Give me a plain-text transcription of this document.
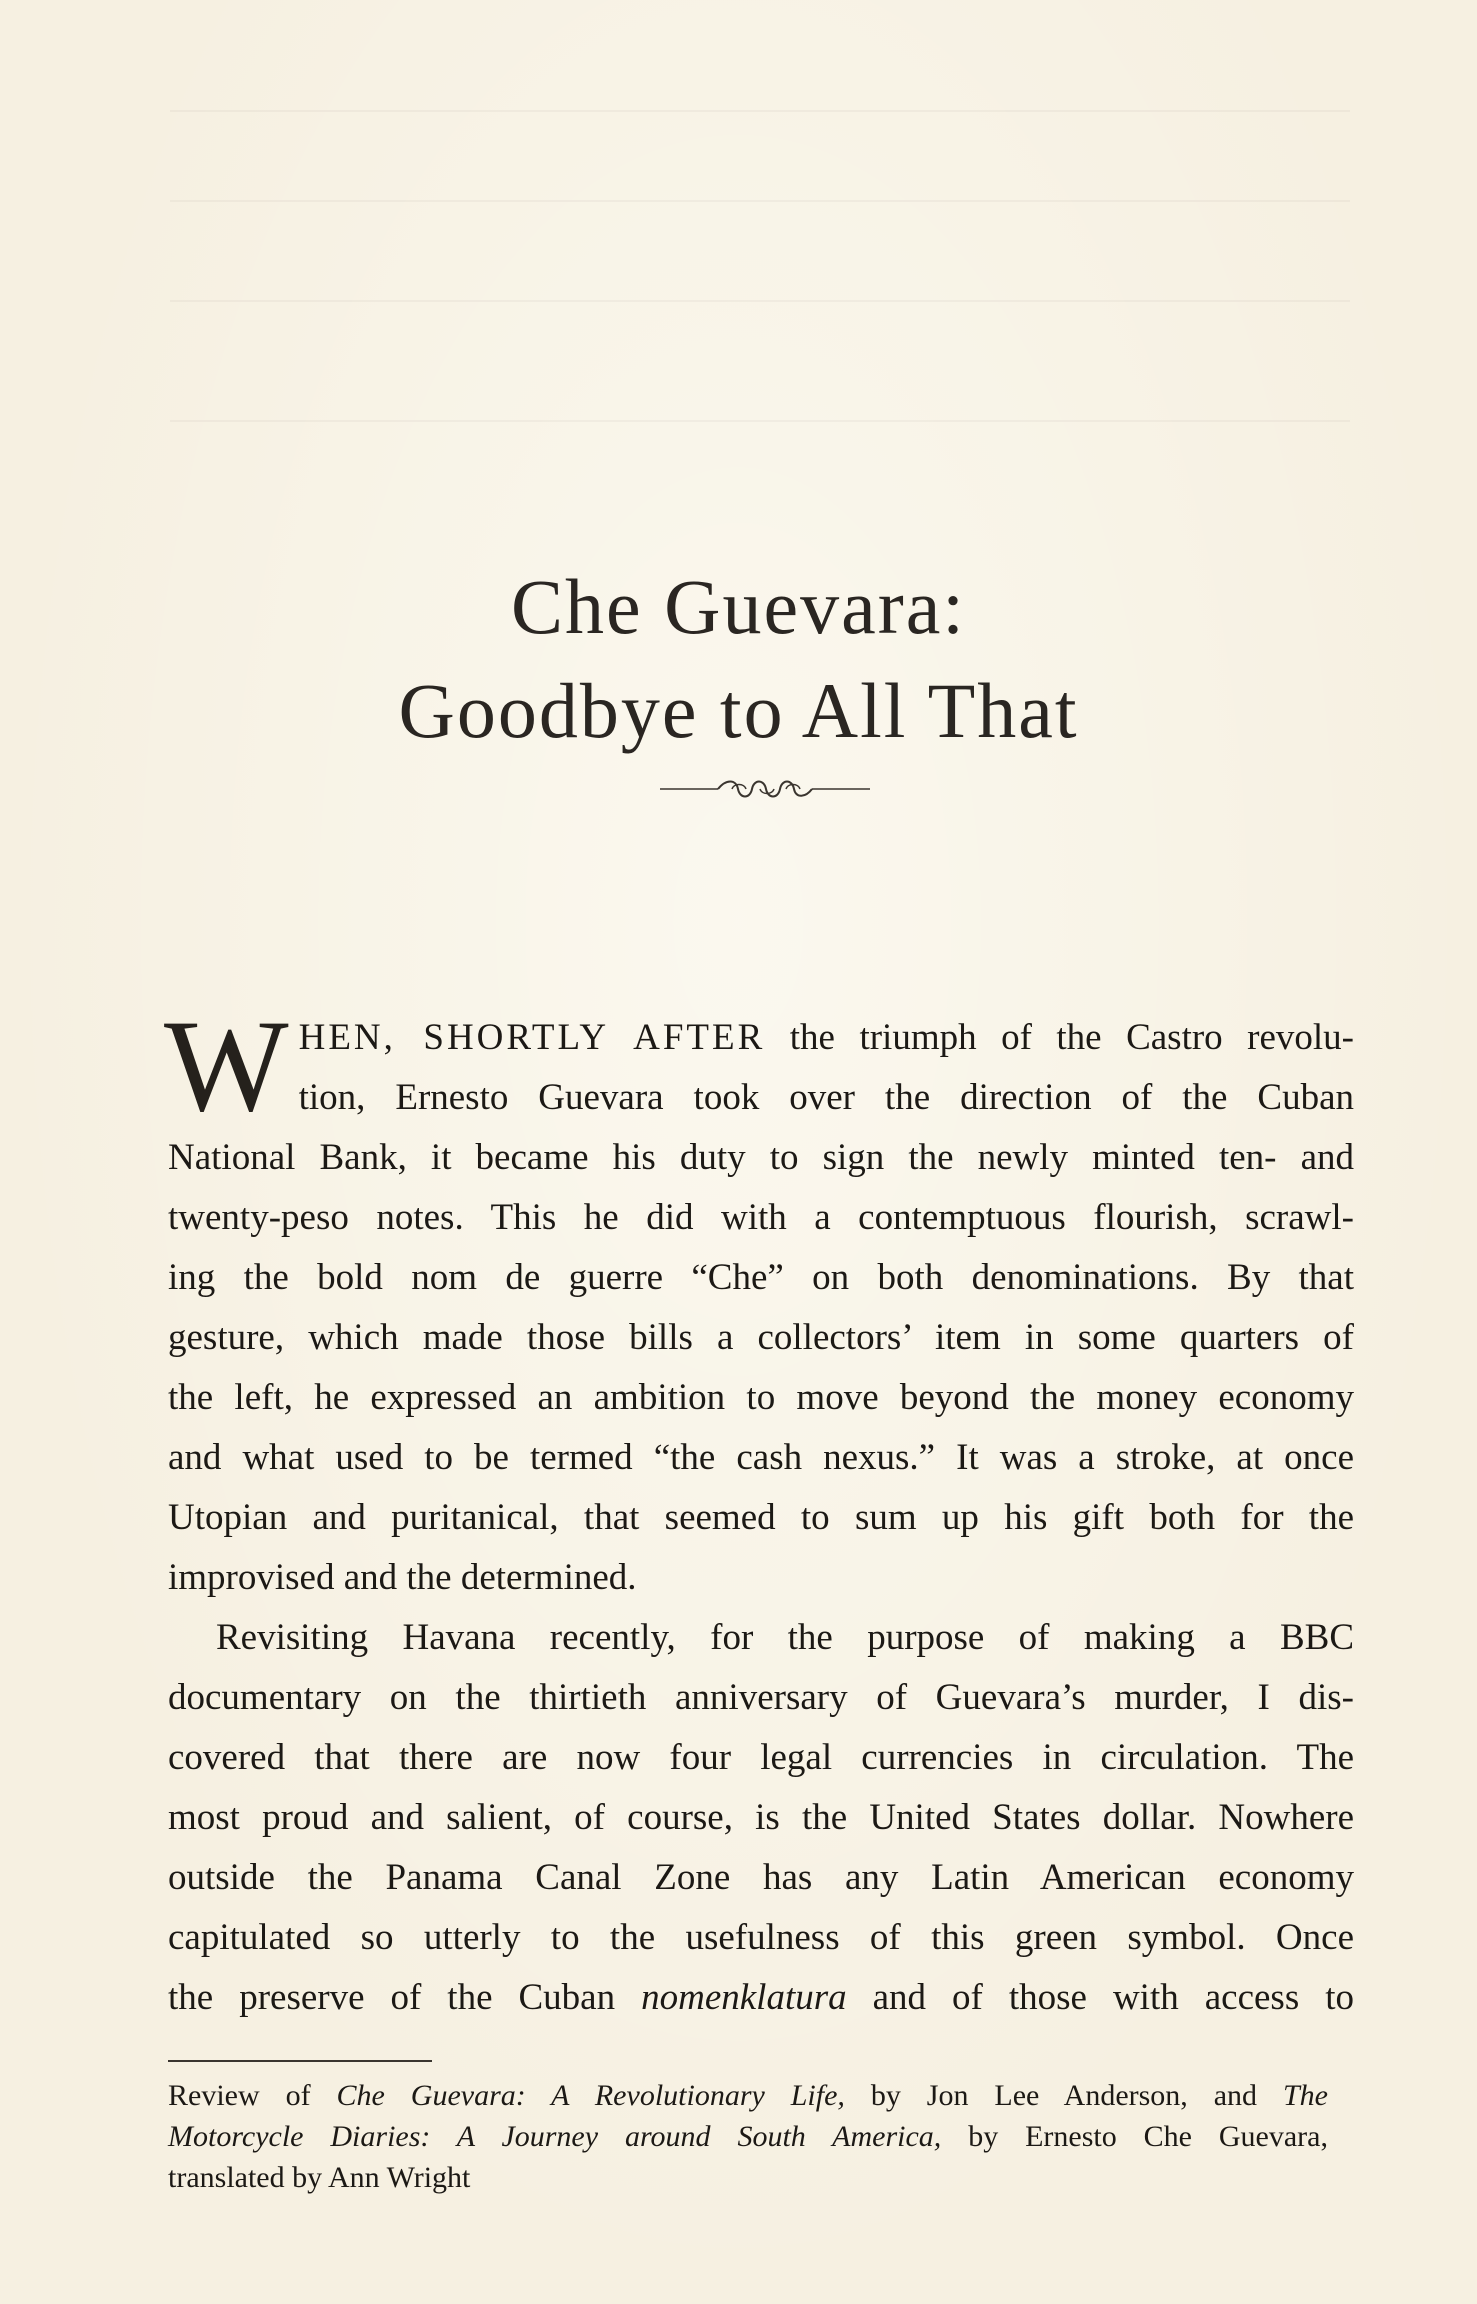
Che Guevara:
Goodbye to All That
W HEN, SHORTLY AFTER the triumph of the Castro revolu-
tion, Ernesto Guevara took over the direction of the Cuban
National Bank, it became his duty to sign the newly minted ten- and
twenty-peso notes. This he did with a contemptuous flourish, scrawl-
ing the bold nom de guerre “Che” on both denominations. By that
gesture, which made those bills a collectors’ item in some quarters of
the left, he expressed an ambition to move beyond the money economy
and what used to be termed “the cash nexus.” It was a stroke, at once
Utopian and puritanical, that seemed to sum up his gift both for the
improvised and the determined.
Revisiting Havana recently, for the purpose of making a BBC
documentary on the thirtieth anniversary of Guevara’s murder, I dis-
covered that there are now four legal currencies in circulation. The
most proud and salient, of course, is the United States dollar. Nowhere
outside the Panama Canal Zone has any Latin American economy
capitulated so utterly to the usefulness of this green symbol. Once
the preserve of the Cuban nomenklatura and of those with access to
Review of Che Guevara: A Revolutionary Life, by Jon Lee Anderson, and The
Motorcycle Diaries: A Journey around South America, by Ernesto Che Guevara,
translated by Ann Wright
